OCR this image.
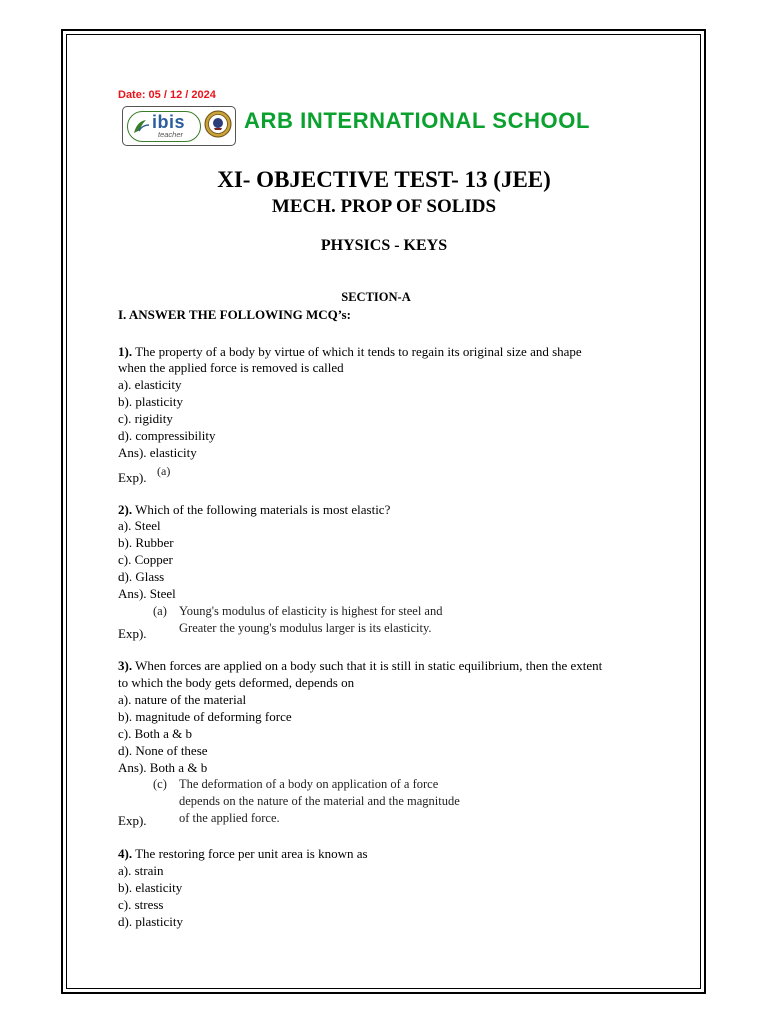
Date: 05 / 12 / 2024
ibis
teacher
ARB INTERNATIONAL SCHOOL
XI- OBJECTIVE TEST- 13 (JEE)
MECH. PROP OF SOLIDS
PHYSICS - KEYS
SECTION-A
I. ANSWER THE FOLLOWING MCQ’s:
1). The property of a body by virtue of which it tends to regain its original size and shape
when the applied force is removed is called
a). elasticity
b). plasticity
c). rigidity
d). compressibility
Ans). elasticity
Exp). (a)
2). Which of the following materials is most elastic?
a). Steel
b). Rubber
c). Copper
d). Glass
Ans). Steel
Exp).
(a) Young's modulus of elasticity is highest for steel and
Greater the young's modulus larger is its elasticity.
3). When forces are applied on a body such that it is still in static equilibrium, then the extent
to which the body gets deformed, depends on
a). nature of the material
b). magnitude of deforming force
c). Both a & b
d). None of these
Ans). Both a & b
Exp).
(c) The deformation of a body on application of a force
depends on the nature of the material and the magnitude
of the applied force.
4). The restoring force per unit area is known as
a). strain
b). elasticity
c). stress
d). plasticity
